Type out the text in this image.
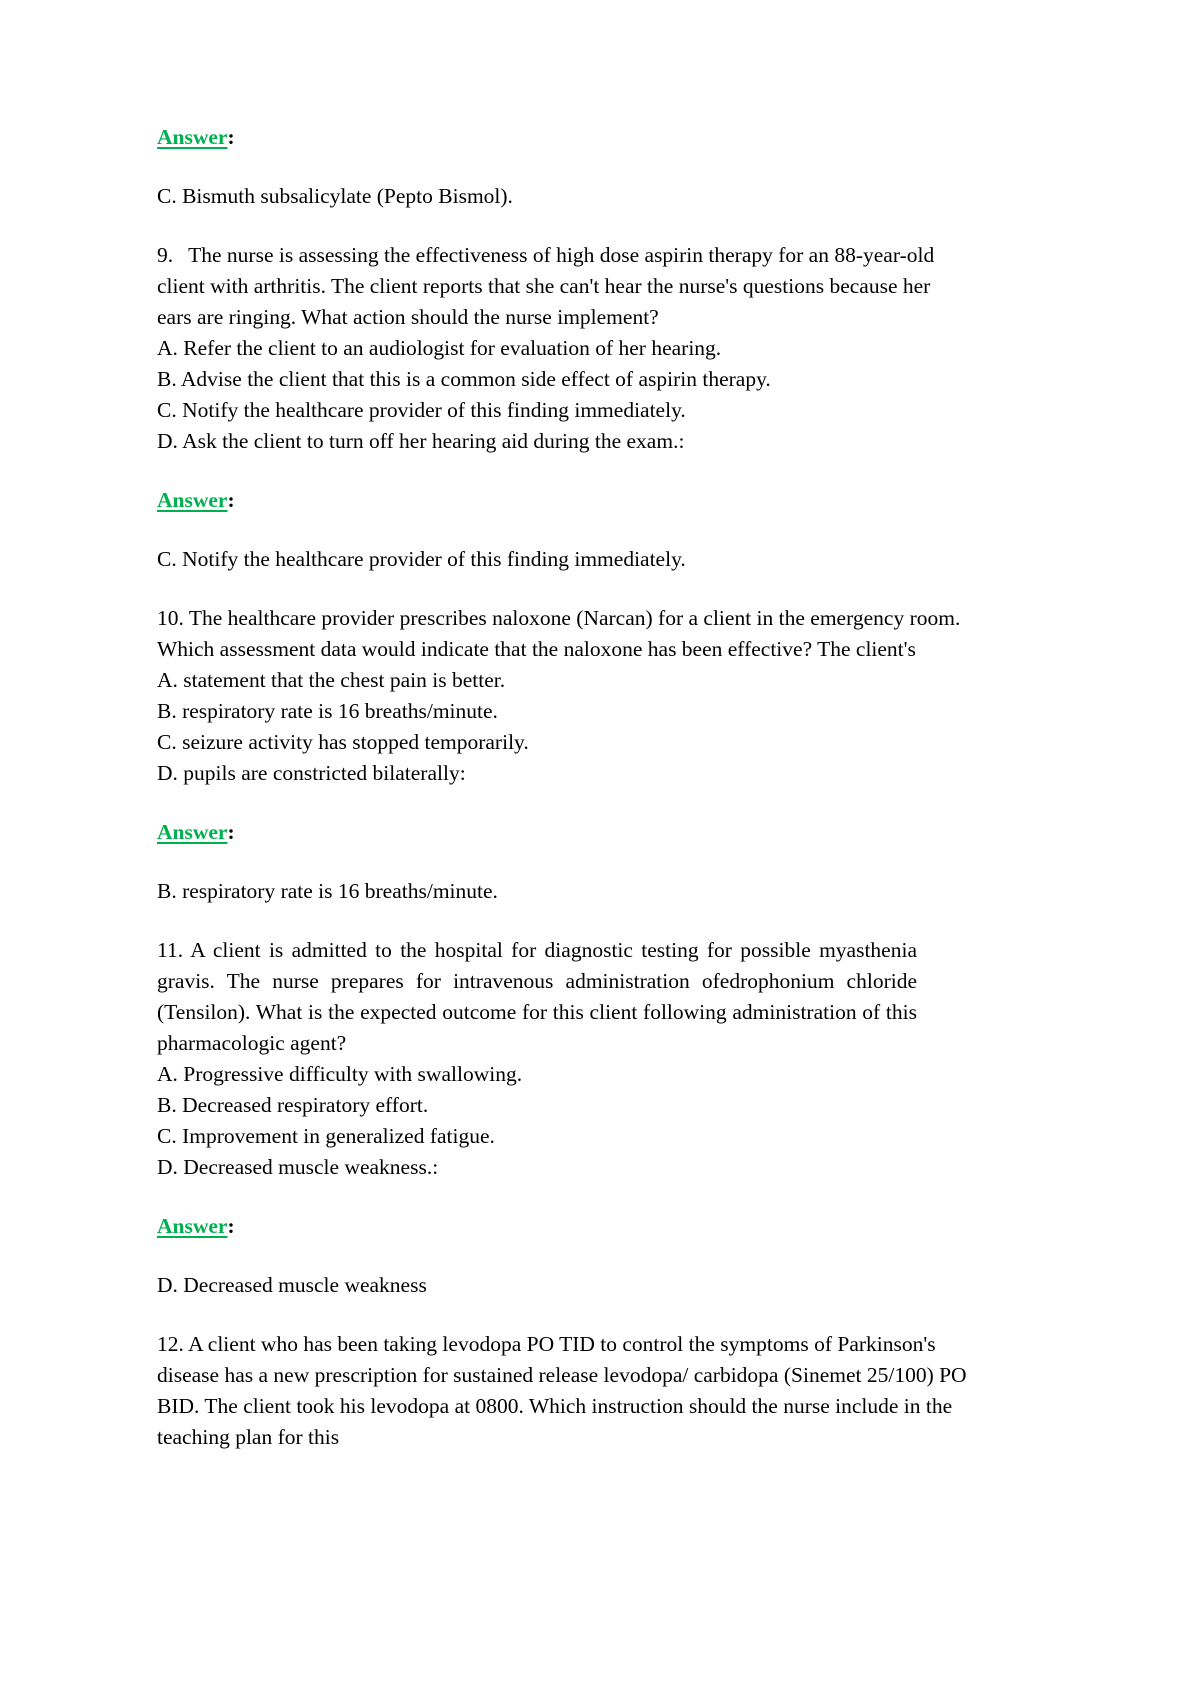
Answer:

C. Bismuth subsalicylate (Pepto Bismol).

9. The nurse is assessing the effectiveness of high dose aspirin therapy for an 88-year-old client with arthritis. The client reports that she can't hear the nurse's questions because her ears are ringing. What action should the nurse implement?

A. Refer the client to an audiologist for evaluation of her hearing.

B. Advise the client that this is a common side effect of aspirin therapy.

C. Notify the healthcare provider of this finding immediately.

D. Ask the client to turn off her hearing aid during the exam.:

Answer:

C. Notify the healthcare provider of this finding immediately.

10. The healthcare provider prescribes naloxone (Narcan) for a client in the emergency room. Which assessment data would indicate that the naloxone has been effective? The client's

A. statement that the chest pain is better.

B. respiratory rate is 16 breaths/minute.

C. seizure activity has stopped temporarily.

D. pupils are constricted bilaterally:

Answer:

B. respiratory rate is 16 breaths/minute.

11. A client is admitted to the hospital for diagnostic testing for possible myasthenia gravis. The nurse prepares for intravenous administration ofedrophonium chloride (Tensilon). What is the expected outcome for this client following administration of this pharmacologic agent?

A. Progressive difficulty with swallowing.

B. Decreased respiratory effort.

C. Improvement in generalized fatigue.

D. Decreased muscle weakness.:

Answer:

D. Decreased muscle weakness

12. A client who has been taking levodopa PO TID to control the symptoms of Parkinson's disease has a new prescription for sustained release levodopa/ carbidopa (Sinemet 25/100) PO BID. The client took his levodopa at 0800. Which instruction should the nurse include in the teaching plan for this
